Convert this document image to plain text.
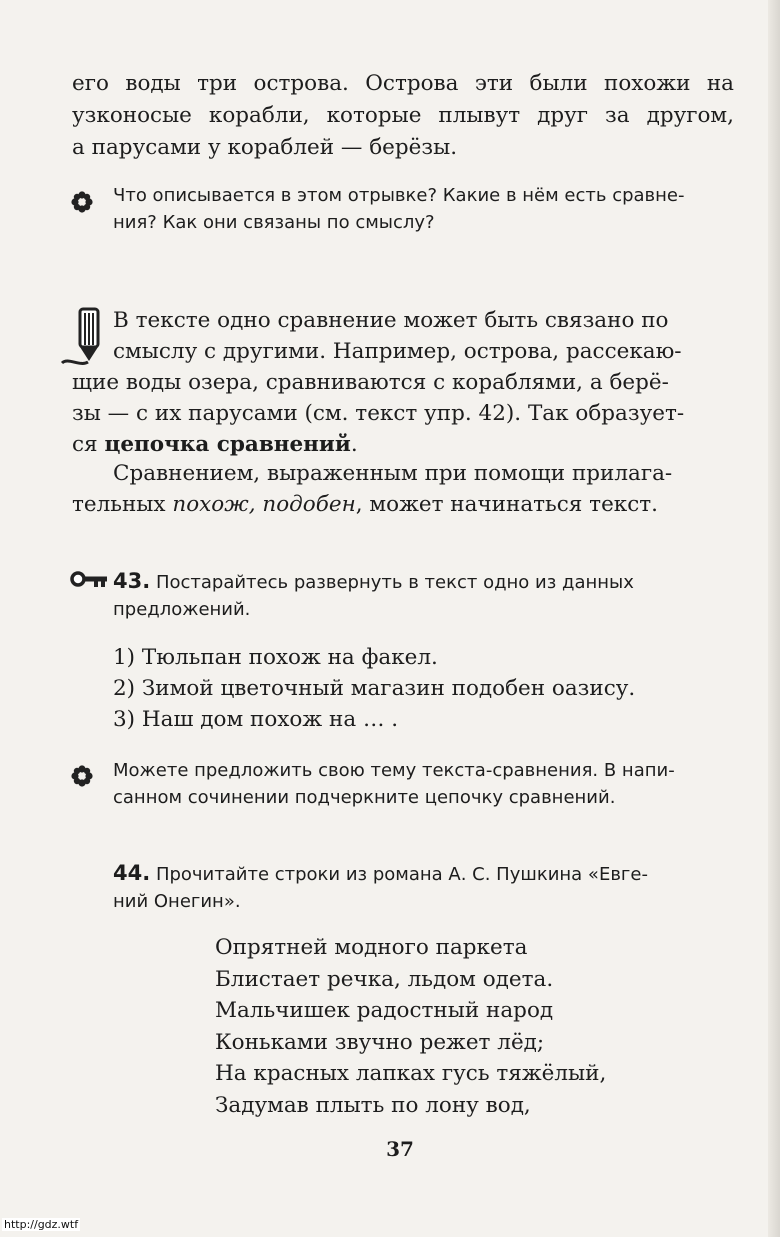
его воды три острова. Острова эти были похожи на
узконосые корабли, которые плывут друг за другом,
а парусами у кораблей — берёзы.
Что описывается в этом отрывке? Какие в нём есть сравне-
ния? Как они связаны по смыслу?
В тексте одно сравнение может быть связано по
смыслу с другими. Например, острова, рассекаю-
щие воды озера, сравниваются с кораблями, а берё-
зы — с их парусами (см. текст упр. 42). Так образует-
ся цепочка сравнений.
Сравнением, выраженным при помощи прилага-
тельных похож, подобен, может начинаться текст.
43. Постарайтесь развернуть в текст одно из данных
предложений.
1) Тюльпан похож на факел.
2) Зимой цветочный магазин подобен оазису.
3) Наш дом похож на … .
Можете предложить свою тему текста-сравнения. В напи-
санном сочинении подчеркните цепочку сравнений.
44. Прочитайте строки из романа А. С. Пушкина «Евге-
ний Онегин».
Опрятней модного паркета
Блистает речка, льдом одета.
Мальчишек радостный народ
Коньками звучно режет лёд;
На красных лапках гусь тяжёлый,
Задумав плыть по лону вод,
37
http://gdz.wtf
